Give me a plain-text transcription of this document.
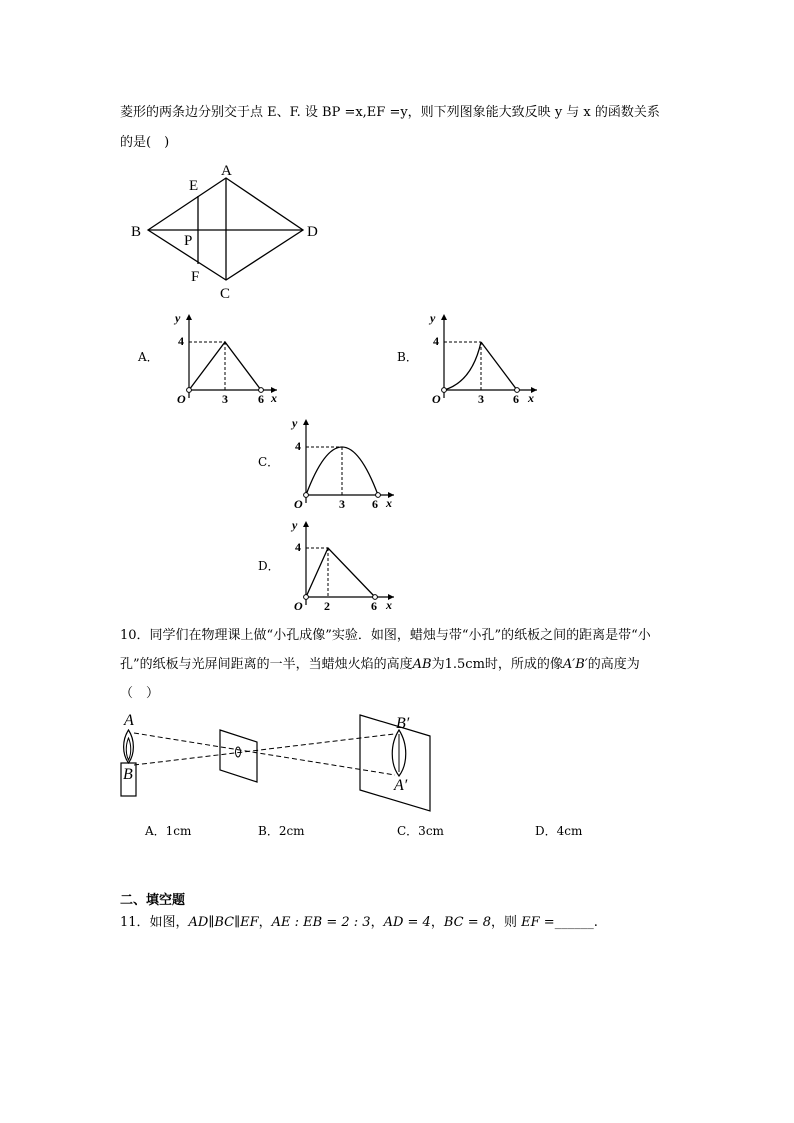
菱形的两条边分别交于点 E、F. 设 BP =x,EF =y，则下列图象能大致反映 y 与 x 的函数关系
的是(　)
A
B	D
C
E
F
P
A．
y
4
O	3	6 x
B．
y
4
O	3 6 x
C．
y
4
O	3 6 x
D．
y
4
O 2	6 x
10．同学们在物理课上做“小孔成像”实验．如图，蜡烛与带“小孔”的纸板之间的距离是带“小
孔”的纸板与光屏间距离的一半，当蜡烛火焰的高度AB为1.5cm时，所成的像A′B′的高度为
（　）
A
B
B′
A′
A．1cm	B．2cm	C．3cm	D．4cm
二、填空题
11．如图，AD∥BC∥EF，AE : EB = 2 : 3，AD = 4，BC = 8，则 EF =______.
